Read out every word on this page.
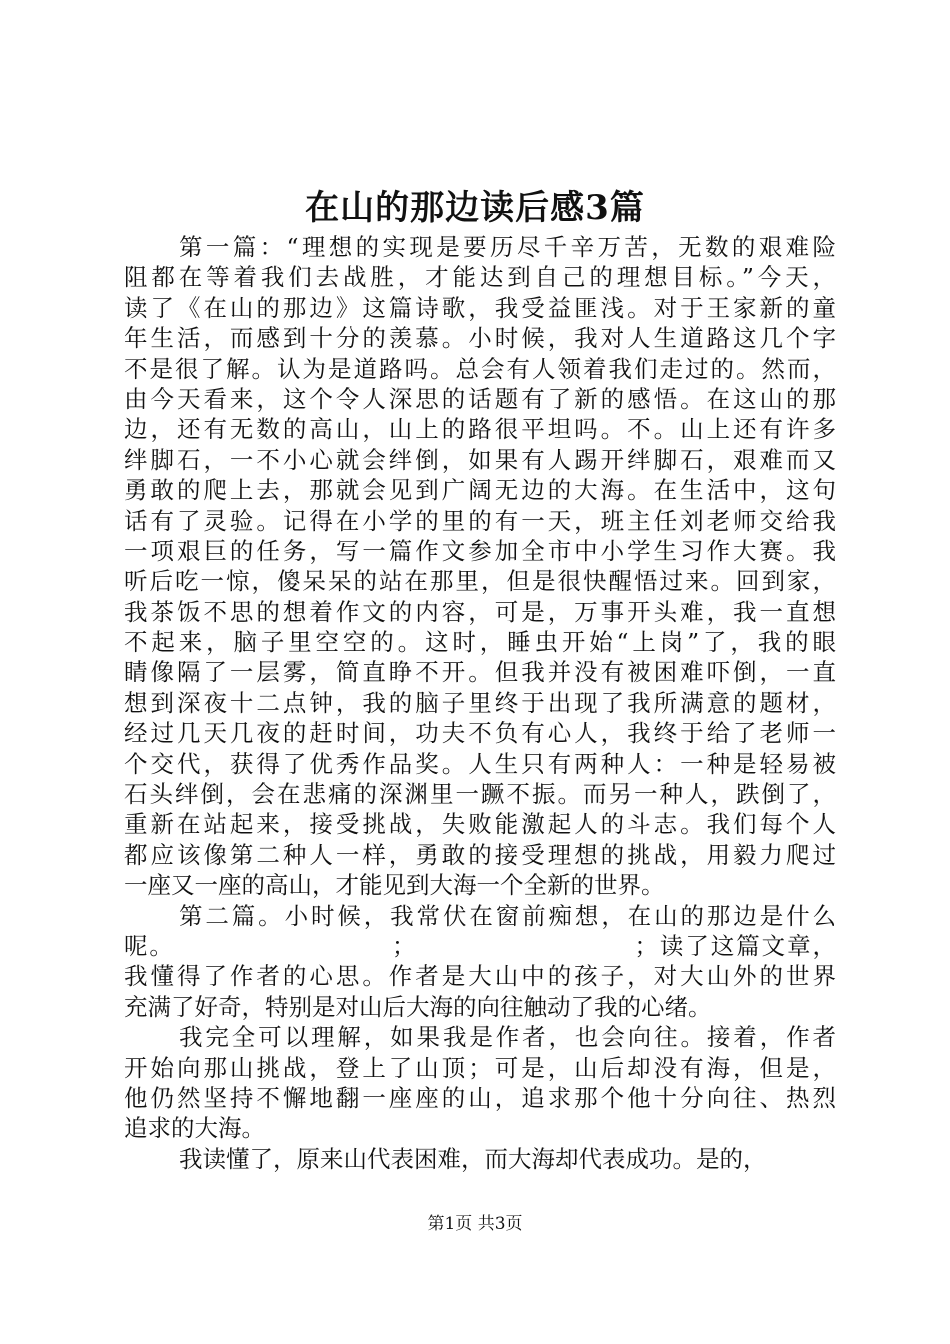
在山的那边读后感3篇
第一篇：“理想的实现是要历尽千辛万苦，无数的艰难险
阻都在等着我们去战胜，才能达到自己的理想目标。”今天，
读了《在山的那边》这篇诗歌，我受益匪浅。对于王家新的童
年生活，而感到十分的羡慕。小时候，我对人生道路这几个字
不是很了解。认为是道路吗。总会有人领着我们走过的。然而，
由今天看来，这个令人深思的话题有了新的感悟。在这山的那
边，还有无数的高山，山上的路很平坦吗。不。山上还有许多
绊脚石，一不小心就会绊倒，如果有人踢开绊脚石，艰难而又
勇敢的爬上去，那就会见到广阔无边的大海。在生活中，这句
话有了灵验。记得在小学的里的有一天，班主任刘老师交给我
一项艰巨的任务，写一篇作文参加全市中小学生习作大赛。我
听后吃一惊，傻呆呆的站在那里，但是很快醒悟过来。回到家，
我茶饭不思的想着作文的内容，可是，万事开头难，我一直想
不起来，脑子里空空的。这时，睡虫开始“上岗”了，我的眼
睛像隔了一层雾，简直睁不开。但我并没有被困难吓倒，一直
想到深夜十二点钟，我的脑子里终于出现了我所满意的题材，
经过几天几夜的赶时间，功夫不负有心人，我终于给了老师一
个交代，获得了优秀作品奖。人生只有两种人：一种是轻易被
石头绊倒，会在悲痛的深渊里一蹶不振。而另一种人，跌倒了，
重新在站起来，接受挑战，失败能激起人的斗志。我们每个人
都应该像第二种人一样，勇敢的接受理想的挑战，用毅力爬过
一座又一座的高山，才能见到大海一个全新的世界。
第二篇。小时候，我常伏在窗前痴想，在山的那边是什么
呢。　　　　　　　　　；　　　　　　　　　；读了这篇文章，
我懂得了作者的心思。作者是大山中的孩子，对大山外的世界
充满了好奇，特别是对山后大海的向往触动了我的心绪。
我完全可以理解，如果我是作者，也会向往。接着，作者
开始向那山挑战，登上了山顶；可是，山后却没有海，但是，
他仍然坚持不懈地翻一座座的山，追求那个他十分向往、热烈
追求的大海。
我读懂了，原来山代表困难，而大海却代表成功。是的，
第1页 共3页
